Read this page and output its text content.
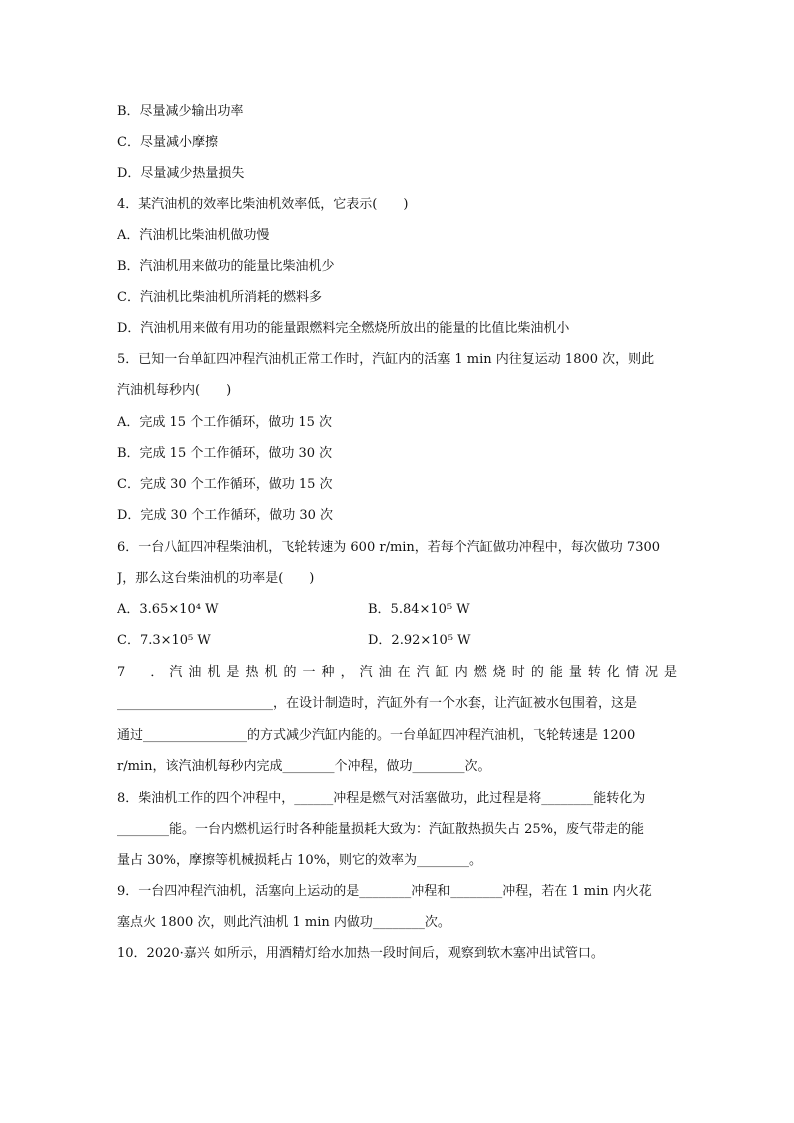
B．尽量减少输出功率
C．尽量减小摩擦
D．尽量减少热量损失
4．某汽油机的效率比柴油机效率低，它表示(　　)
A．汽油机比柴油机做功慢
B．汽油机用来做功的能量比柴油机少
C．汽油机比柴油机所消耗的燃料多
D．汽油机用来做有用功的能量跟燃料完全燃烧所放出的能量的比值比柴油机小
5．已知一台单缸四冲程汽油机正常工作时，汽缸内的活塞 1 min 内往复运动 1800 次，则此
汽油机每秒内(　　)
A．完成 15 个工作循环，做功 15 次
B．完成 15 个工作循环，做功 30 次
C．完成 30 个工作循环，做功 15 次
D．完成 30 个工作循环，做功 30 次
6．一台八缸四冲程柴油机，飞轮转速为 600 r/min，若每个汽缸做功冲程中，每次做功 7300
J，那么这台柴油机的功率是(　　)
A．3.65×10⁴ W	B．5.84×10⁵ W
C．7.3×10⁵ W	D．2.92×10⁵ W
7　．汽油机是热机的一种，汽油在汽缸内燃烧时的能量转化情况是
________________________，在设计制造时，汽缸外有一个水套，让汽缸被水包围着，这是
通过________________的方式减少汽缸内能的。一台单缸四冲程汽油机，飞轮转速是 1200
r/min，该汽油机每秒内完成________个冲程，做功________次。
8．柴油机工作的四个冲程中，______冲程是燃气对活塞做功，此过程是将________能转化为
________能。一台内燃机运行时各种能量损耗大致为：汽缸散热损失占 25%，废气带走的能
量占 30%，摩擦等机械损耗占 10%，则它的效率为________。
9．一台四冲程汽油机，活塞向上运动的是________冲程和________冲程，若在 1 min 内火花
塞点火 1800 次，则此汽油机 1 min 内做功________次。
10．2020·嘉兴 如所示，用酒精灯给水加热一段时间后，观察到软木塞冲出试管口。
